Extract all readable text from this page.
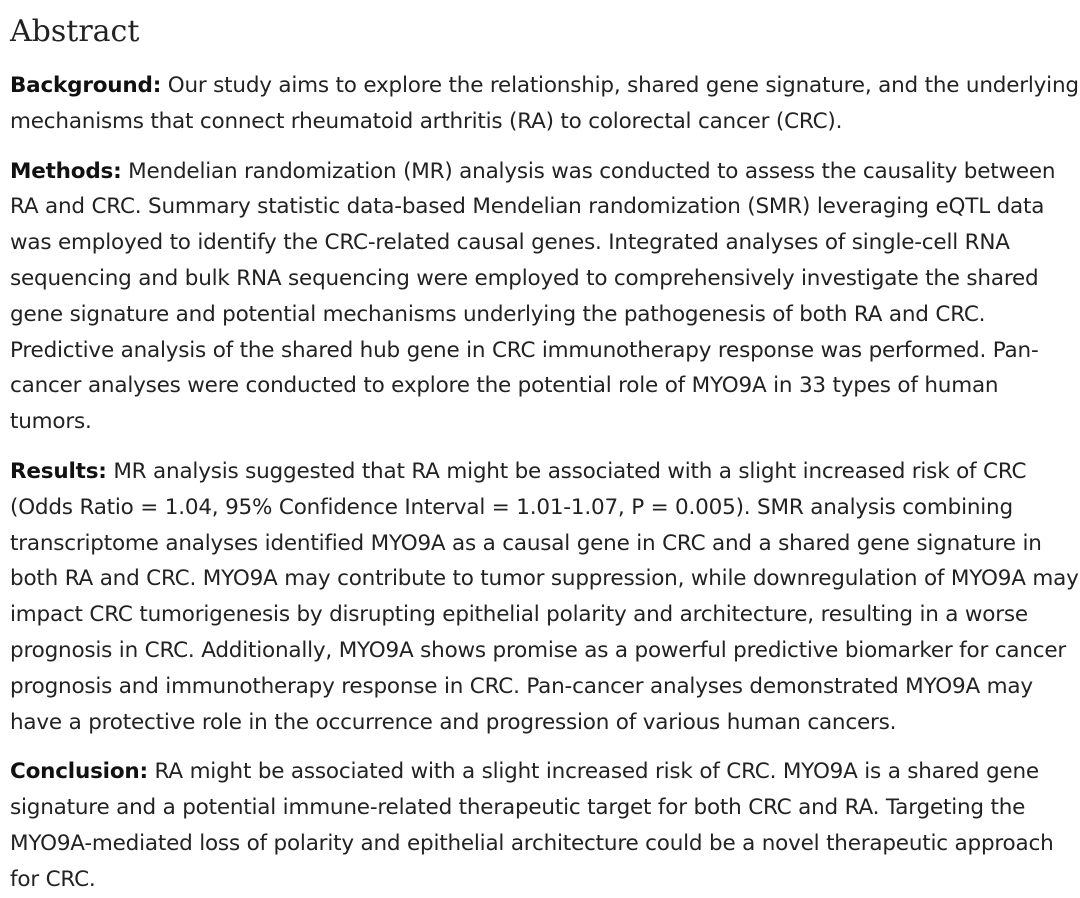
Abstract

Background: Our study aims to explore the relationship, shared gene signature, and the underlying mechanisms that connect rheumatoid arthritis (RA) to colorectal cancer (CRC).

Methods: Mendelian randomization (MR) analysis was conducted to assess the causality between RA and CRC. Summary statistic data-based Mendelian randomization (SMR) leveraging eQTL data was employed to identify the CRC-related causal genes. Integrated analyses of single-cell RNA sequencing and bulk RNA sequencing were employed to comprehensively investigate the shared gene signature and potential mechanisms underlying the pathogenesis of both RA and CRC. Predictive analysis of the shared hub gene in CRC immunotherapy response was performed. Pan-cancer analyses were conducted to explore the potential role of MYO9A in 33 types of human tumors.

Results: MR analysis suggested that RA might be associated with a slight increased risk of CRC (Odds Ratio = 1.04, 95% Confidence Interval = 1.01-1.07, P = 0.005). SMR analysis combining transcriptome analyses identified MYO9A as a causal gene in CRC and a shared gene signature in both RA and CRC. MYO9A may contribute to tumor suppression, while downregulation of MYO9A may impact CRC tumorigenesis by disrupting epithelial polarity and architecture, resulting in a worse prognosis in CRC. Additionally, MYO9A shows promise as a powerful predictive biomarker for cancer prognosis and immunotherapy response in CRC. Pan-cancer analyses demonstrated MYO9A may have a protective role in the occurrence and progression of various human cancers.

Conclusion: RA might be associated with a slight increased risk of CRC. MYO9A is a shared gene signature and a potential immune-related therapeutic target for both CRC and RA. Targeting the MYO9A-mediated loss of polarity and epithelial architecture could be a novel therapeutic approach for CRC.
